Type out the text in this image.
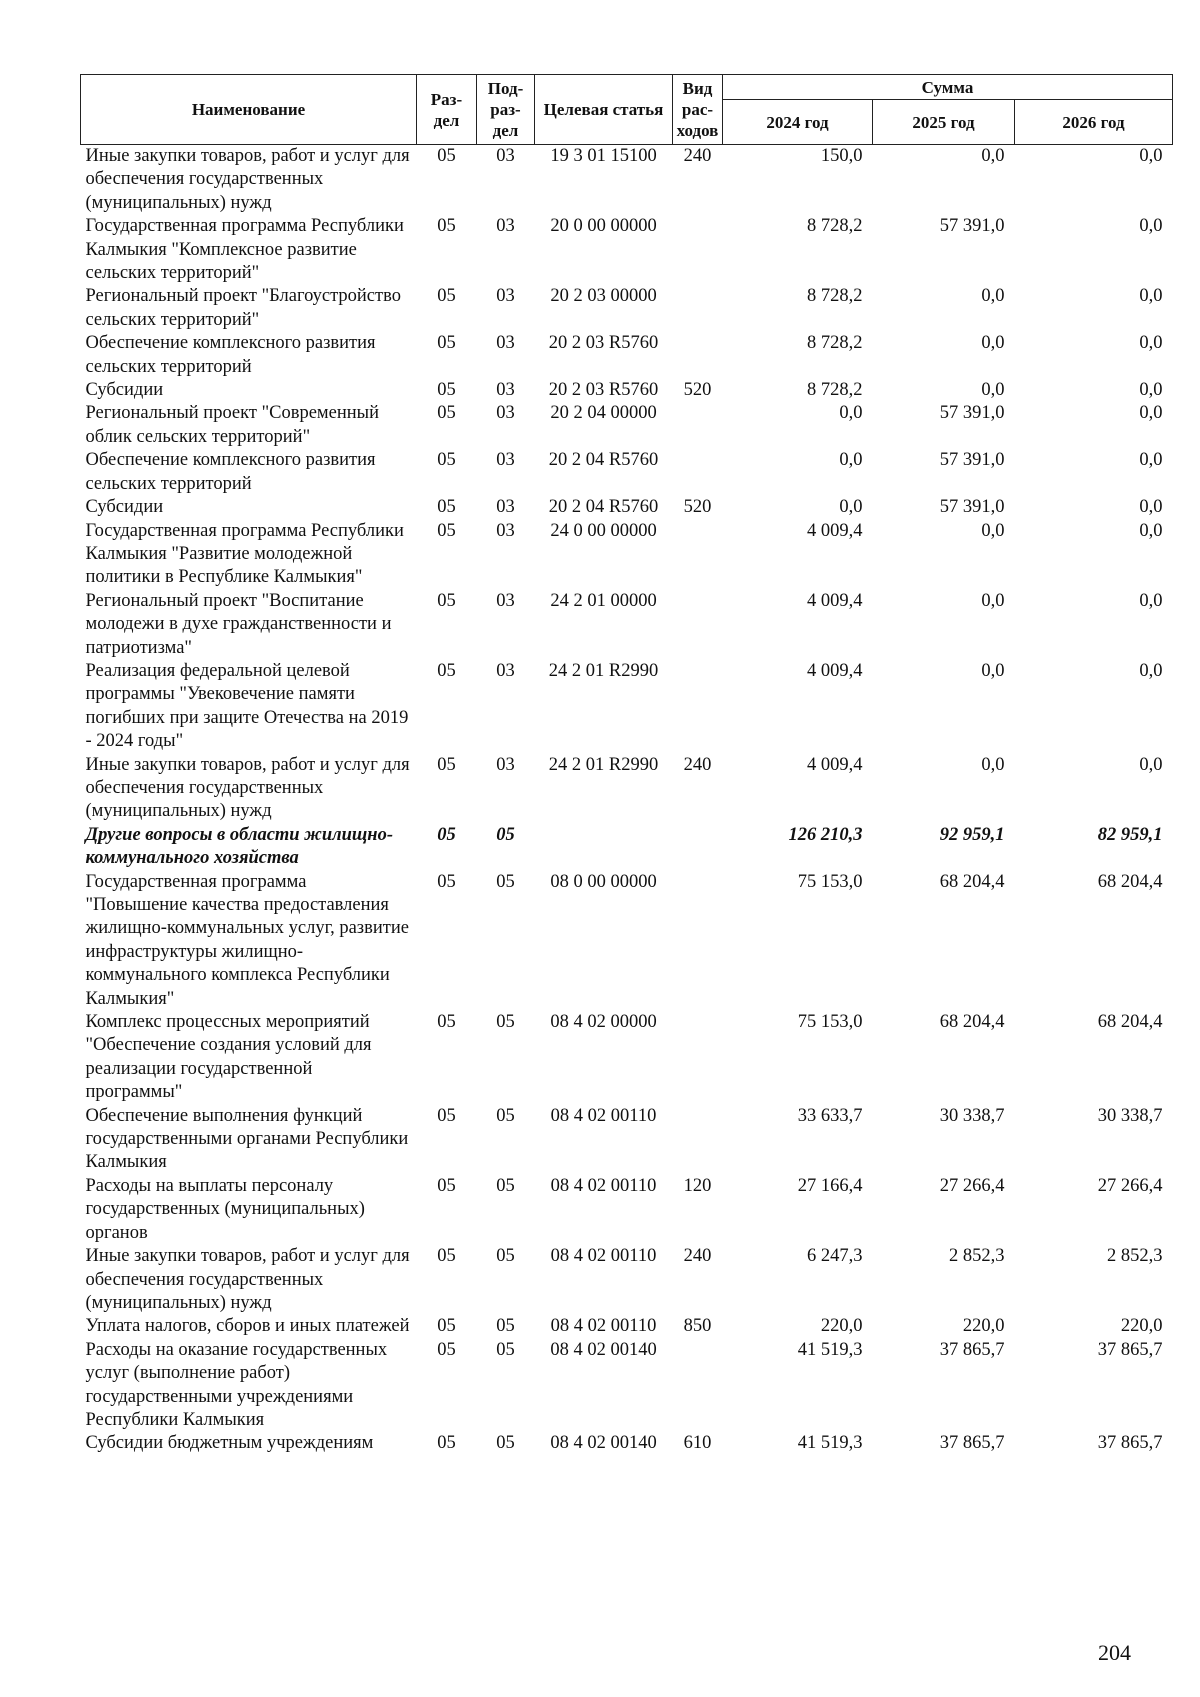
Наименование	Раз-дел	Под-раз-дел	Целевая статья	Вид рас-ходов	Сумма		
					2024 год	2025 год	2026 год
Иные закупки товаров, работ и услуг для обеспечения государственных (муниципальных) нужд	05	03	19 3 01 15100	240	150,0	0,0	0,0
Государственная программа Республики Калмыкия "Комплексное развитие сельских территорий"	05	03	20 0 00 00000		8 728,2	57 391,0	0,0
Региональный проект "Благоустройство сельских территорий"	05	03	20 2 03 00000		8 728,2	0,0	0,0
Обеспечение комплексного развития сельских территорий	05	03	20 2 03 R5760		8 728,2	0,0	0,0
Субсидии	05	03	20 2 03 R5760	520	8 728,2	0,0	0,0
Региональный проект "Современный облик сельских территорий"	05	03	20 2 04 00000		0,0	57 391,0	0,0
Обеспечение комплексного развития сельских территорий	05	03	20 2 04 R5760		0,0	57 391,0	0,0
Субсидии	05	03	20 2 04 R5760	520	0,0	57 391,0	0,0
Государственная программа Республики Калмыкия "Развитие молодежной политики в Республике Калмыкия"	05	03	24 0 00 00000		4 009,4	0,0	0,0
Региональный проект "Воспитание молодежи в духе гражданственности и патриотизма"	05	03	24 2 01 00000		4 009,4	0,0	0,0
Реализация федеральной целевой программы "Увековечение памяти погибших при защите Отечества на 2019 - 2024 годы"	05	03	24 2 01 R2990		4 009,4	0,0	0,0
Иные закупки товаров, работ и услуг для обеспечения государственных (муниципальных) нужд	05	03	24 2 01 R2990	240	4 009,4	0,0	0,0
Другие вопросы в области жилищно-коммунального хозяйства	05	05			126 210,3	92 959,1	82 959,1
Государственная программа "Повышение качества предоставления жилищно-коммунальных услуг, развитие инфраструктуры жилищно-коммунального комплекса Республики Калмыкия"	05	05	08 0 00 00000		75 153,0	68 204,4	68 204,4
Комплекс процессных мероприятий "Обеспечение создания условий для реализации государственной программы"	05	05	08 4 02 00000		75 153,0	68 204,4	68 204,4
Обеспечение выполнения функций государственными органами Республики Калмыкия	05	05	08 4 02 00110		33 633,7	30 338,7	30 338,7
Расходы на выплаты персоналу государственных (муниципальных) органов	05	05	08 4 02 00110	120	27 166,4	27 266,4	27 266,4
Иные закупки товаров, работ и услуг для обеспечения государственных (муниципальных) нужд	05	05	08 4 02 00110	240	6 247,3	2 852,3	2 852,3
Уплата налогов, сборов и иных платежей	05	05	08 4 02 00110	850	220,0	220,0	220,0
Расходы на оказание государственных услуг (выполнение работ) государственными учреждениями Республики Калмыкия	05	05	08 4 02 00140		41 519,3	37 865,7	37 865,7
Субсидии бюджетным учреждениям	05	05	08 4 02 00140	610	41 519,3	37 865,7	37 865,7
204
